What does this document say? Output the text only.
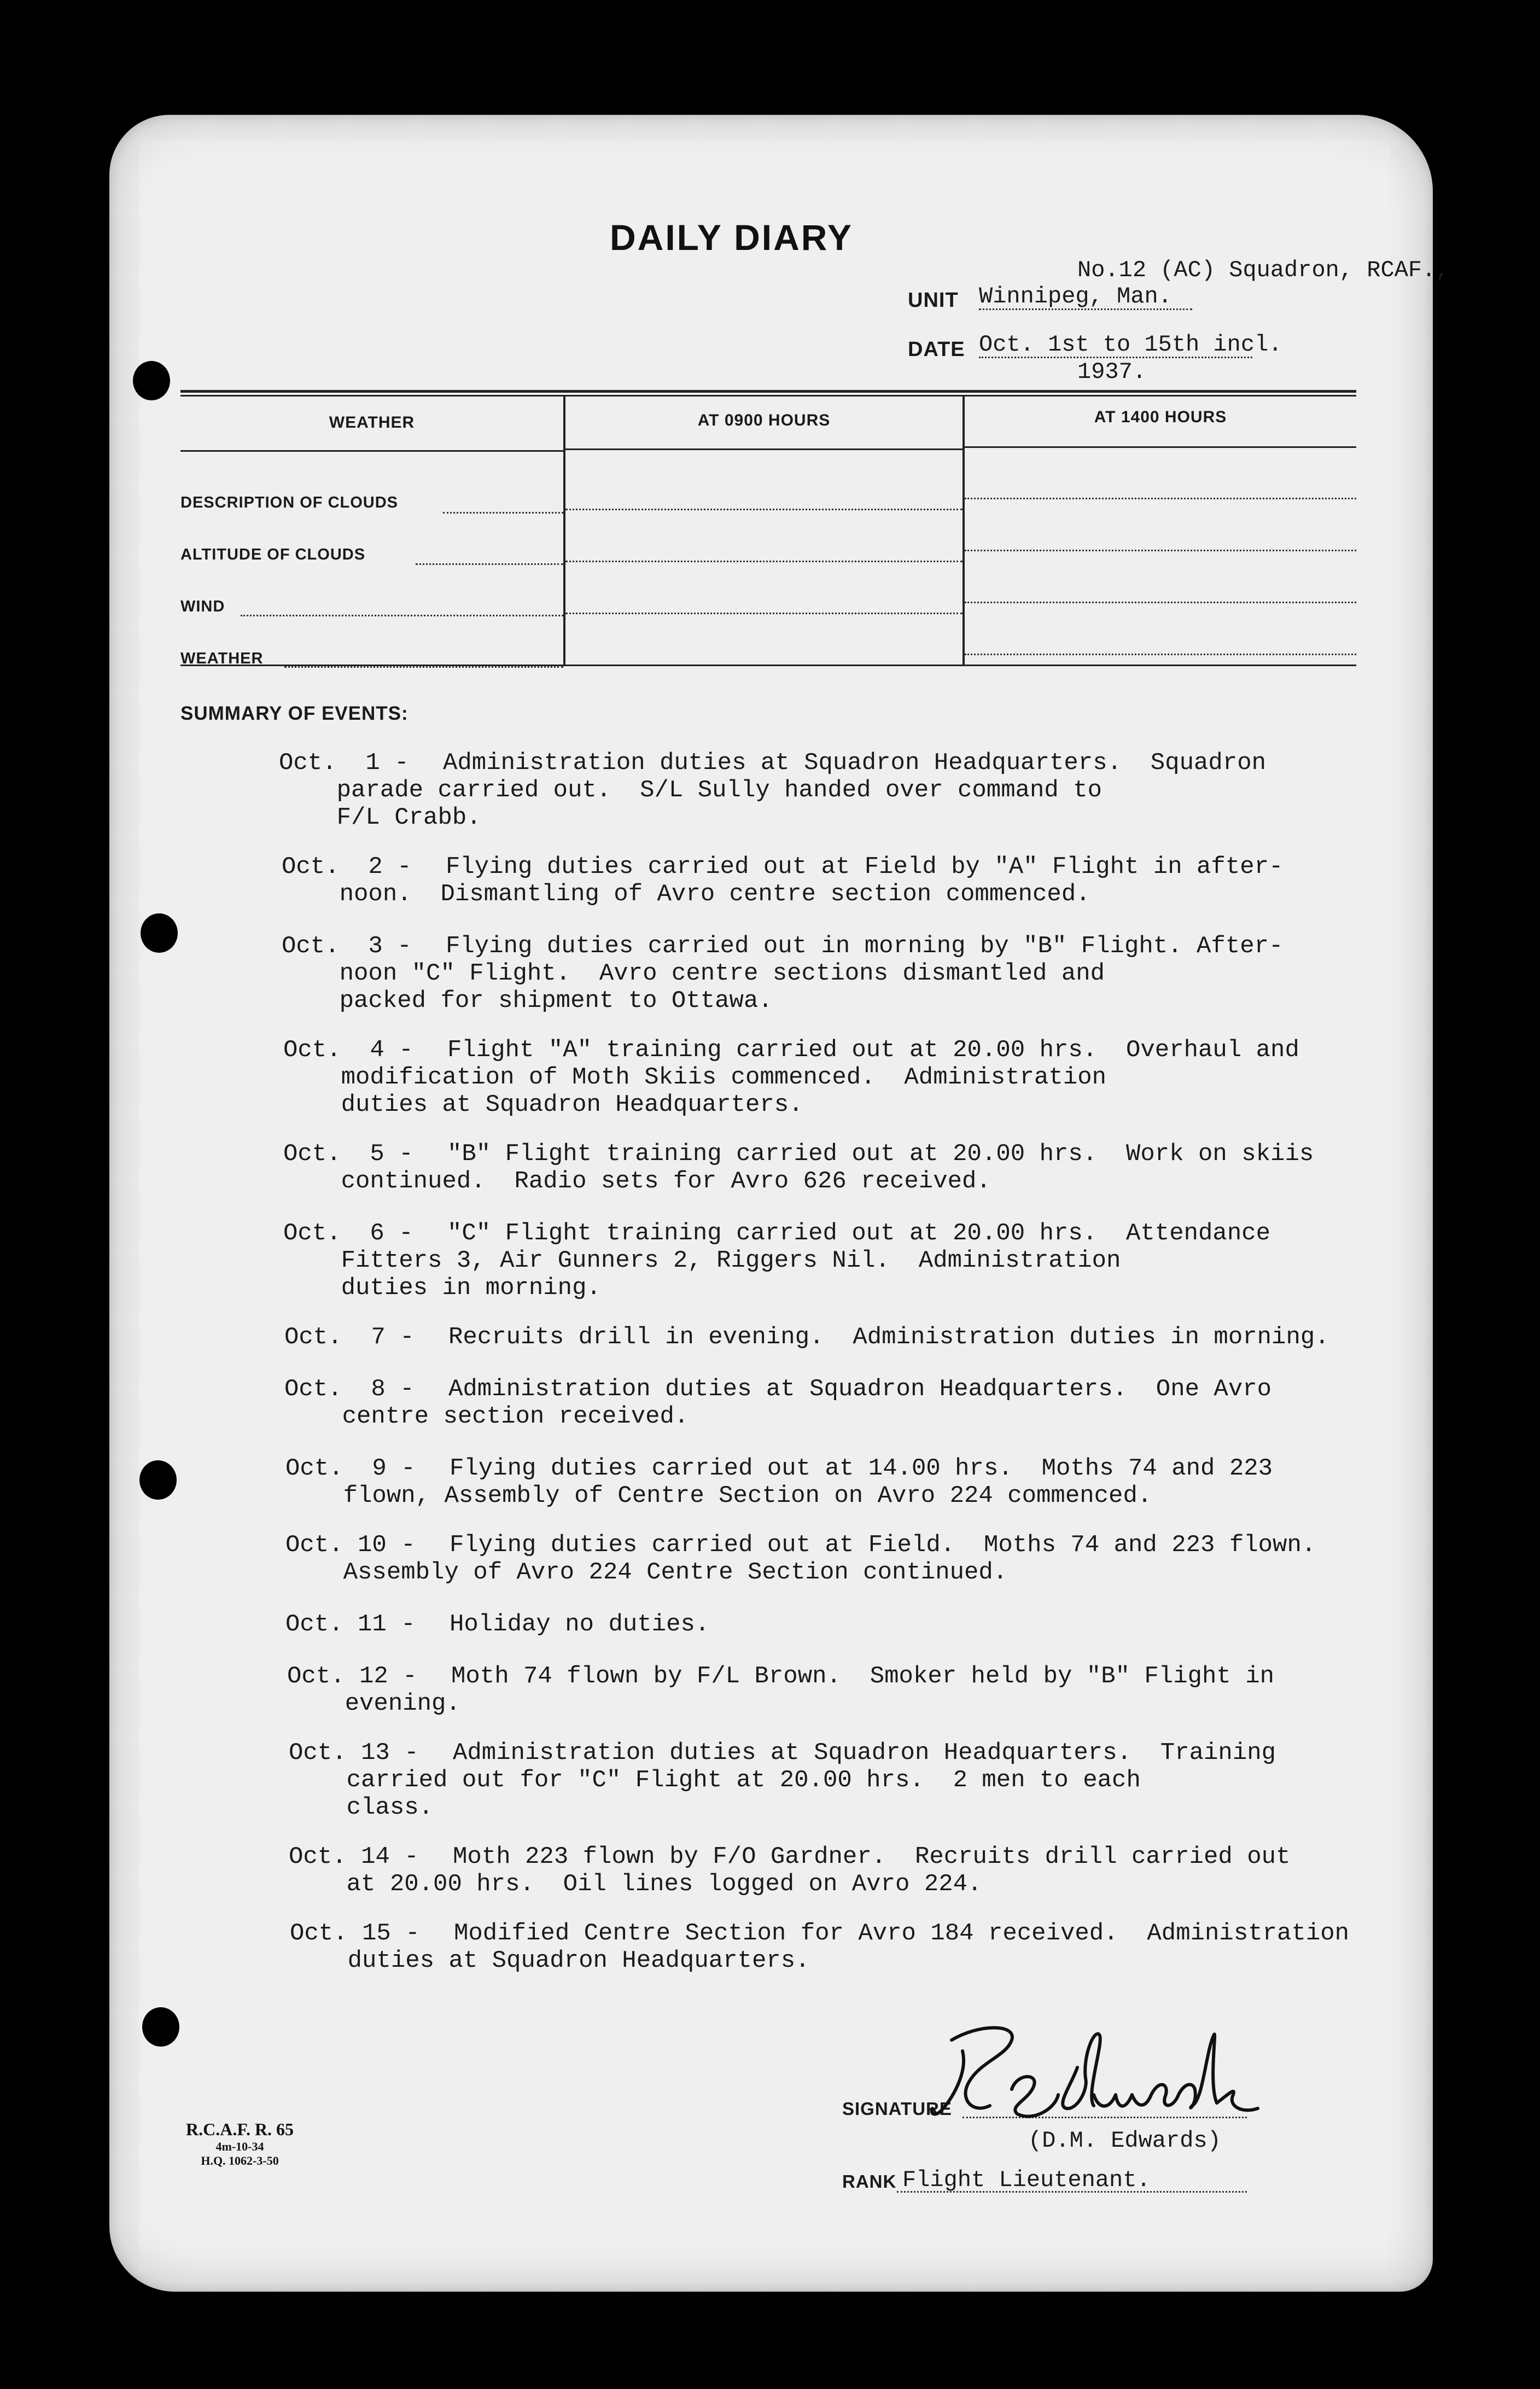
DAILY DIARY
No.12 (AC) Squadron, RCAF.,
UNIT Winnipeg, Man.
DATE Oct. 1st to 15th incl.
1937.
WEATHER	AT 0900 HOURS	AT 1400 HOURS
DESCRIPTION OF CLOUDS
ALTITUDE OF CLOUDS
WIND
WEATHER
SUMMARY OF EVENTS:
Oct.  1 - Administration duties at Squadron Headquarters.  Squadron
parade carried out.  S/L Sully handed over command to
F/L Crabb.
Oct.  2 - Flying duties carried out at Field by "A" Flight in after-
noon.  Dismantling of Avro centre section commenced.
Oct.  3 - Flying duties carried out in morning by "B" Flight. After-
noon "C" Flight.  Avro centre sections dismantled and
packed for shipment to Ottawa.
Oct.  4 - Flight "A" training carried out at 20.00 hrs.  Overhaul and
modification of Moth Skiis commenced.  Administration
duties at Squadron Headquarters.
Oct.  5 - "B" Flight training carried out at 20.00 hrs.  Work on skiis
continued.  Radio sets for Avro 626 received.
Oct.  6 - "C" Flight training carried out at 20.00 hrs.  Attendance
Fitters 3, Air Gunners 2, Riggers Nil.  Administration
duties in morning.
Oct.  7 - Recruits drill in evening.  Administration duties in morning.
Oct.  8 - Administration duties at Squadron Headquarters.  One Avro
centre section received.
Oct.  9 - Flying duties carried out at 14.00 hrs.  Moths 74 and 223
flown, Assembly of Centre Section on Avro 224 commenced.
Oct. 10 - Flying duties carried out at Field.  Moths 74 and 223 flown.
Assembly of Avro 224 Centre Section continued.
Oct. 11 - Holiday no duties.
Oct. 12 - Moth 74 flown by F/L Brown.  Smoker held by "B" Flight in
evening.
Oct. 13 - Administration duties at Squadron Headquarters.  Training
carried out for "C" Flight at 20.00 hrs.  2 men to each
class.
Oct. 14 - Moth 223 flown by F/O Gardner.  Recruits drill carried out
at 20.00 hrs.  Oil lines logged on Avro 224.
Oct. 15 - Modified Centre Section for Avro 184 received.  Administration
duties at Squadron Headquarters.
R.C.A.F. R. 65
4m-10-34
H.Q. 1062-3-50
SIGNATURE
(D.M. Edwards)
RANK Flight Lieutenant.
